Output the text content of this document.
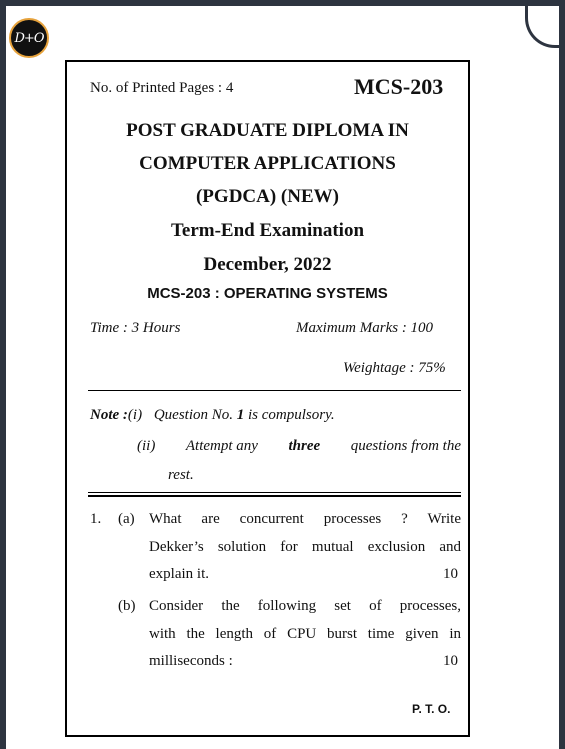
D+O
No. of Printed Pages : 4	MCS-203
POST GRADUATE DIPLOMA IN
COMPUTER APPLICATIONS
(PGDCA) (NEW)
Term-End Examination
December, 2022
MCS-203 : OPERATING SYSTEMS
Time : 3 Hours	Maximum Marks : 100
Weightage : 75%
Note :(i) Question No. 1 is compulsory.
(ii) Attempt any three questions from the
rest.
1. (a) What are concurrent processes ? Write
Dekker’s solution for mutual exclusion and
explain it.	10
(b) Consider the following set of processes,
with the length of CPU burst time given in
milliseconds :	10
P. T. O.
